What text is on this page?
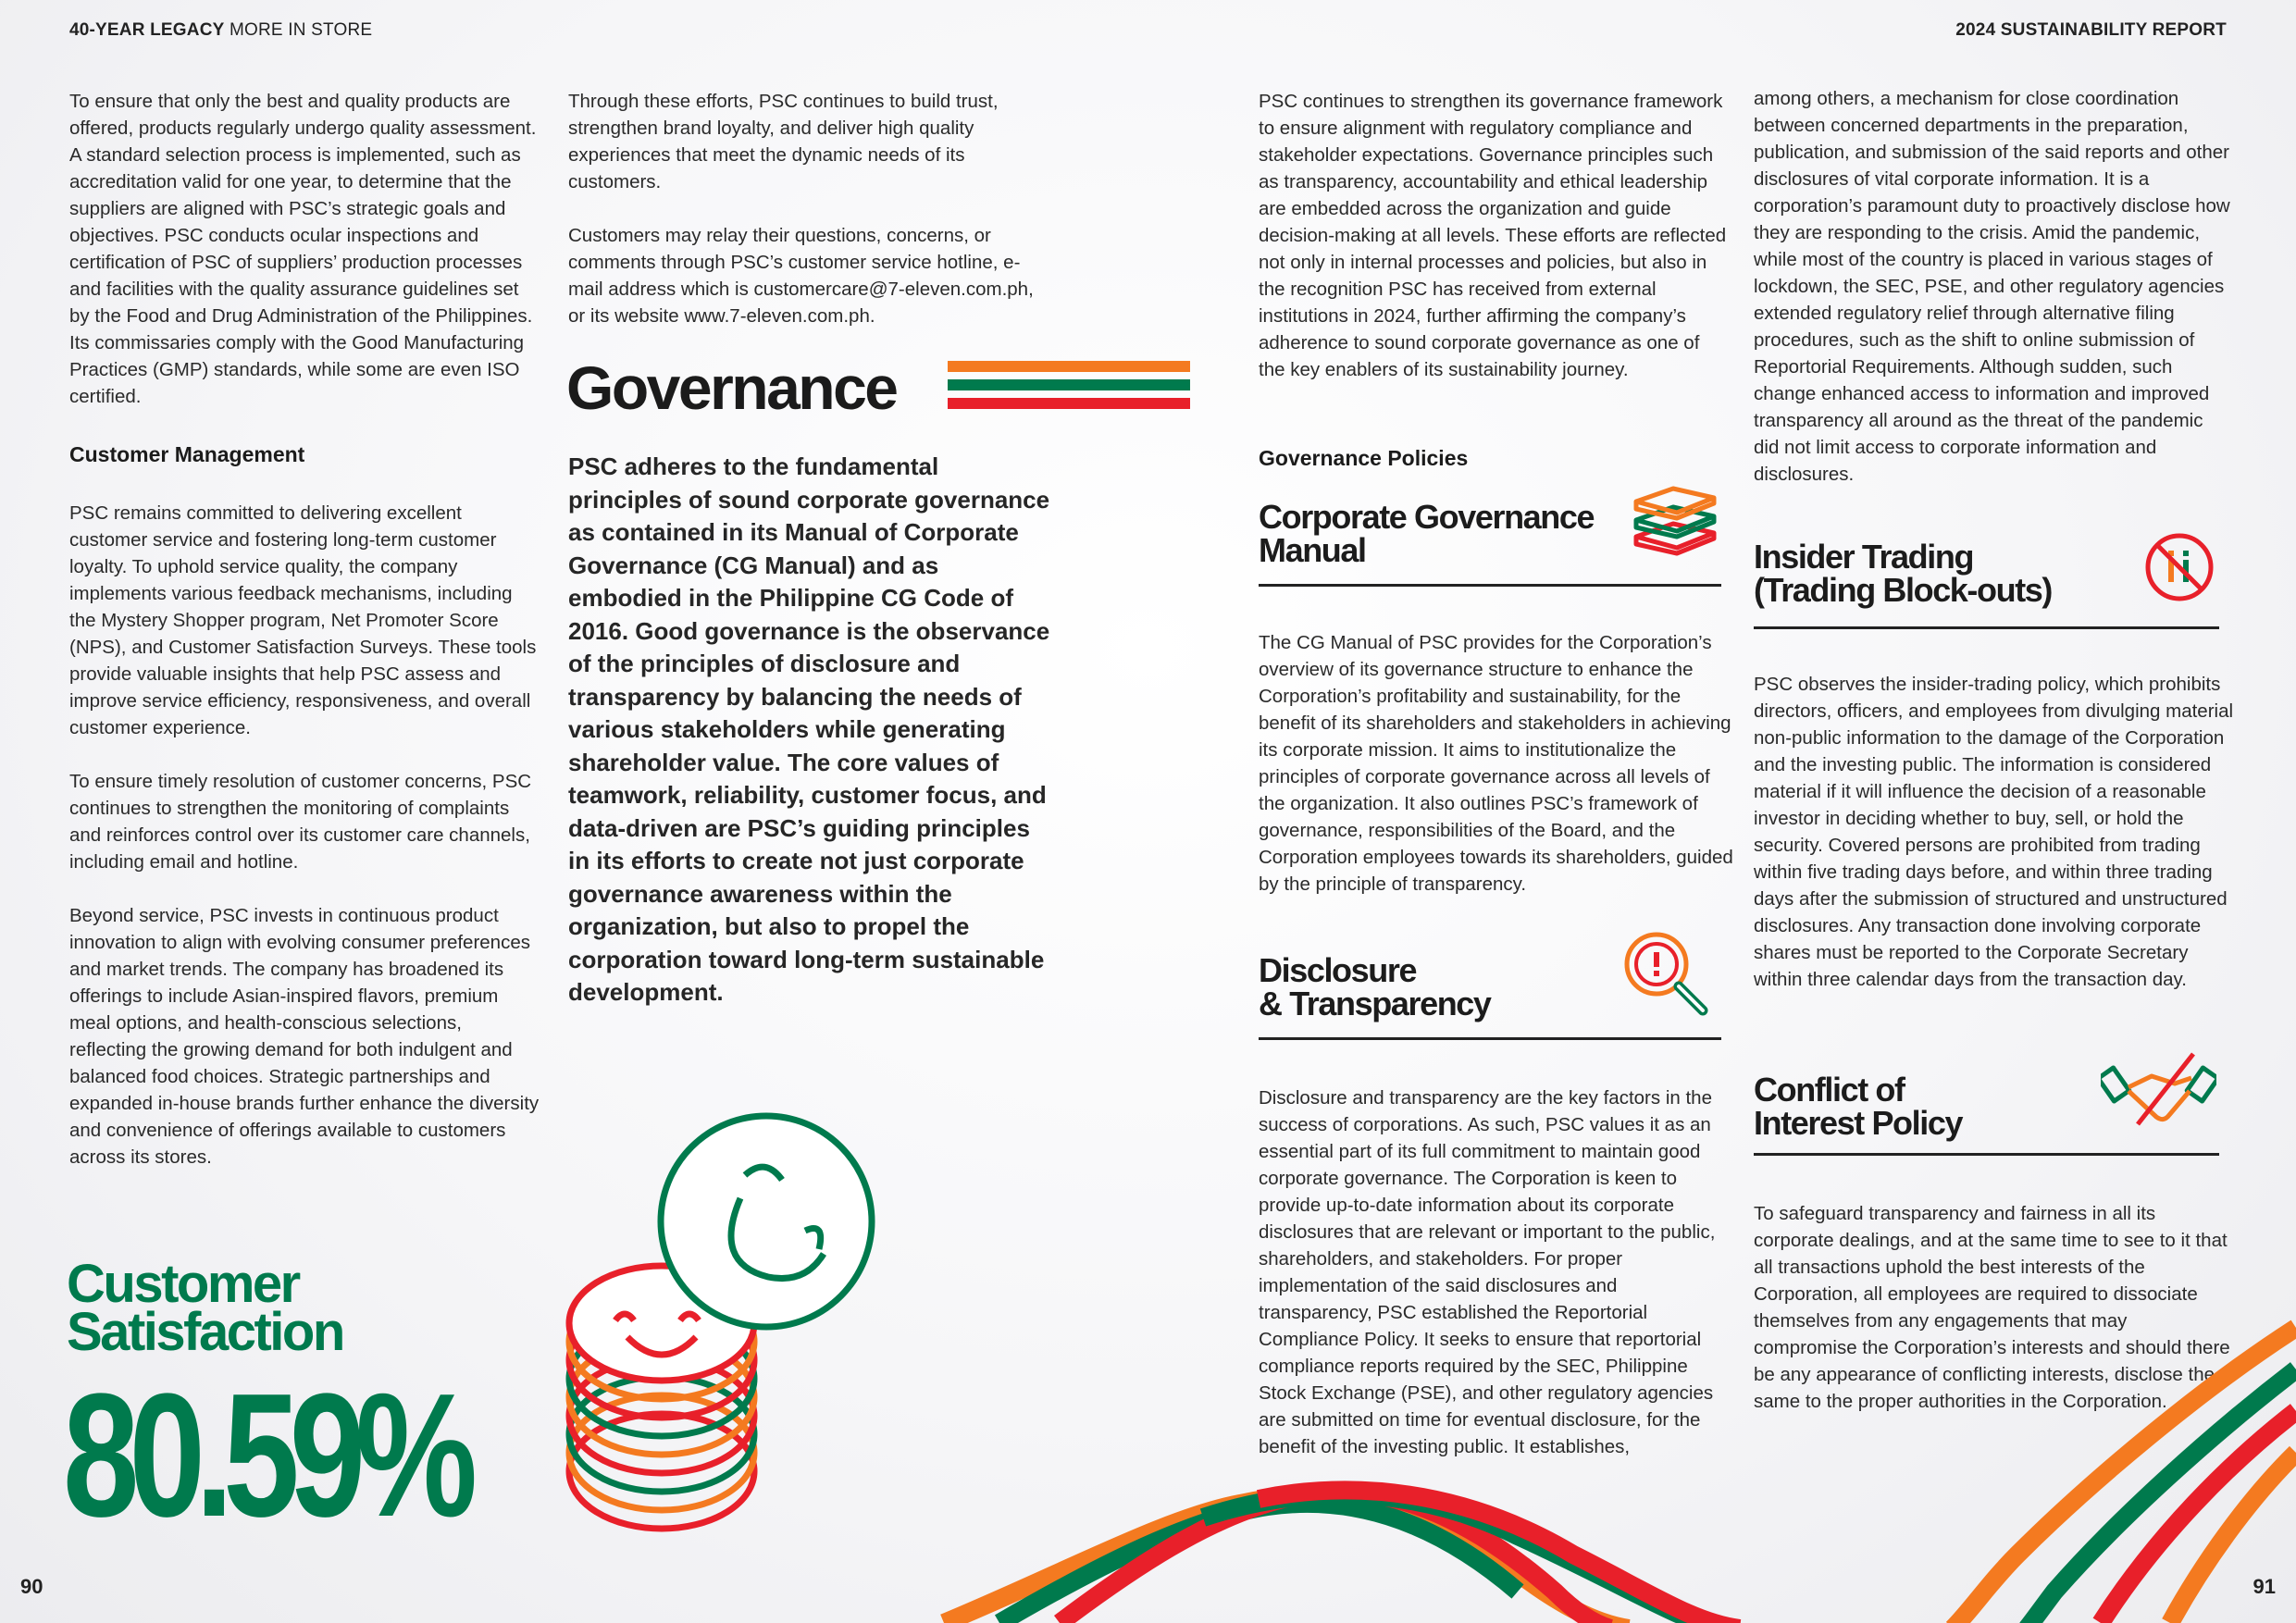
40-YEAR LEGACY MORE IN STORE	2024 SUSTAINABILITY REPORT
To ensure that only the best and quality products are offered, products regularly undergo quality assessment. A standard selection process is implemented, such as accreditation valid for one year, to determine that the suppliers are aligned with PSC’s strategic goals and objectives. PSC conducts ocular inspections and certification of PSC of suppliers’ production processes and facilities with the quality assurance guidelines set by the Food and Drug Administration of the Philippines. Its commissaries comply with the Good Manufacturing Practices (GMP) standards, while some are even ISO certified.
Customer Management

PSC remains committed to delivering excellent customer service and fostering long-term customer loyalty. To uphold service quality, the company implements various feedback mechanisms, including the Mystery Shopper program, Net Promoter Score (NPS), and Customer Satisfaction Surveys. These tools provide valuable insights that help PSC assess and improve service efficiency, responsiveness, and overall customer experience.

To ensure timely resolution of customer concerns, PSC continues to strengthen the monitoring of complaints and reinforces control over its customer care channels, including email and hotline.

Beyond service, PSC invests in continuous product innovation to align with evolving consumer preferences and market trends. The company has broadened its offerings to include Asian-inspired flavors, premium meal options, and health-conscious selections, reflecting the growing demand for both indulgent and balanced food choices. Strategic partnerships and expanded in-house brands further enhance the diversity and convenience of offerings available to customers across its stores.

Customer
Satisfaction
80.59%

Through these efforts, PSC continues to build trust, strengthen brand loyalty, and deliver high quality experiences that meet the dynamic needs of its customers.

Customers may relay their questions, concerns, or comments through PSC’s customer service hotline, e-mail address which is customercare@7-eleven.com.ph, or its website www.7-eleven.com.ph.

Governance
PSC adheres to the fundamental principles of sound corporate governance as contained in its Manual of Corporate Governance (CG Manual) and as embodied in the Philippine CG Code of 2016. Good governance is the observance of the principles of disclosure and transparency by balancing the needs of various stakeholders while generating shareholder value. The core values of teamwork, reliability, customer focus, and data-driven are PSC’s guiding principles in its efforts to create not just corporate governance awareness within the organization, but also to propel the corporation toward long-term sustainable development.
PSC continues to strengthen its governance framework to ensure alignment with regulatory compliance and stakeholder expectations. Governance principles such as transparency, accountability and ethical leadership are embedded across the organization and guide decision-making at all levels. These efforts are reflected not only in internal processes and policies, but also in the recognition PSC has received from external institutions in 2024, further affirming the company’s adherence to sound corporate governance as one of the key enablers of its sustainability journey.
Governance Policies
Corporate Governance
Manual
The CG Manual of PSC provides for the Corporation’s overview of its governance structure to enhance the Corporation’s profitability and sustainability, for the benefit of its shareholders and stakeholders in achieving its corporate mission. It aims to institutionalize the principles of corporate governance across all levels of the organization. It also outlines PSC’s framework of governance, responsibilities of the Board, and the Corporation employees towards its shareholders, guided by the principle of transparency.
Disclosure
& Transparency
Disclosure and transparency are the key factors in the success of corporations. As such, PSC values it as an essential part of its full commitment to maintain good corporate governance. The Corporation is keen to provide up-to-date information about its corporate disclosures that are relevant or important to the public, shareholders, and stakeholders. For proper implementation of the said disclosures and transparency, PSC established the Reportorial Compliance Policy. It seeks to ensure that reportorial compliance reports required by the SEC, Philippine Stock Exchange (PSE), and other regulatory agencies are submitted on time for eventual disclosure, for the benefit of the investing public. It establishes,
among others, a mechanism for close coordination between concerned departments in the preparation, publication, and submission of the said reports and other disclosures of vital corporate information. It is a corporation’s paramount duty to proactively disclose how they are responding to the crisis. Amid the pandemic, while most of the country is placed in various stages of lockdown, the SEC, PSE, and other regulatory agencies extended regulatory relief through alternative filing procedures, such as the shift to online submission of Reportorial Requirements. Although sudden, such change enhanced access to information and improved transparency all around as the threat of the pandemic did not limit access to corporate information and disclosures.
Insider Trading
(Trading Block-outs)
PSC observes the insider-trading policy, which prohibits directors, officers, and employees from divulging material non-public information to the damage of the Corporation and the investing public. The information is considered material if it will influence the decision of a reasonable investor in deciding whether to buy, sell, or hold the security. Covered persons are prohibited from trading within five trading days before, and within three trading days after the submission of structured and unstructured disclosures. Any transaction done involving corporate shares must be reported to the Corporate Secretary within three calendar days from the transaction day.
Conflict of
Interest Policy
To safeguard transparency and fairness in all its corporate dealings, and at the same time to see to it that all transactions uphold the best interests of the Corporation, all employees are required to dissociate themselves from any engagements that may compromise the Corporation’s interests and should there be any appearance of conflicting interests, disclose the same to the proper authorities in the Corporation.
90	91
